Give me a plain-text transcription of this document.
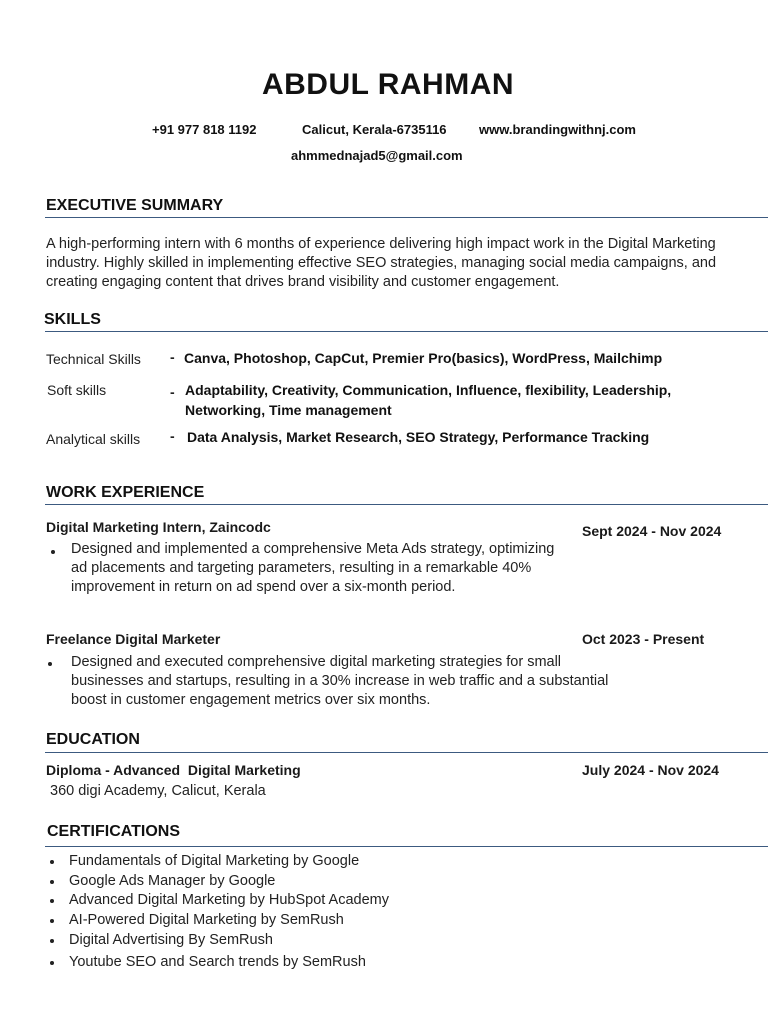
ABDUL RAHMAN
+91 977 818 1192	Calicut, Kerala-6735116 www.brandingwithnj.com
ahmmednajad5@gmail.com
EXECUTIVE SUMMARY
A high-performing intern with 6 months of experience delivering high impact work in the Digital Marketing industry. Highly skilled in implementing effective SEO strategies, managing social media campaigns, and creating engaging content that drives brand visibility and customer engagement.
SKILLS
Technical Skills - Canva, Photoshop, CapCut, Premier Pro(basics), WordPress, Mailchimp
Soft skills	- Adaptability, Creativity, Communication, Influence, flexibility, Leadership, Networking, Time management
Analytical skills - Data Analysis, Market Research, SEO Strategy, Performance Tracking
WORK EXPERIENCE
Digital Marketing Intern, Zaincodc	Sept 2024 - Nov 2024
Designed and implemented a comprehensive Meta Ads strategy, optimizing ad placements and targeting parameters, resulting in a remarkable 40% improvement in return on ad spend over a six-month period.
Freelance Digital Marketer	Oct 2023 - Present
Designed and executed comprehensive digital marketing strategies for small businesses and startups, resulting in a 30% increase in web traffic and a substantial boost in customer engagement metrics over six months.
EDUCATION
Diploma - Advanced  Digital Marketing	July 2024 - Nov 2024
360 digi Academy, Calicut, Kerala
CERTIFICATIONS
Fundamentals of Digital Marketing by Google
Google Ads Manager by Google
Advanced Digital Marketing by HubSpot Academy
AI-Powered Digital Marketing by SemRush
Digital Advertising By SemRush
Youtube SEO and Search trends by SemRush
